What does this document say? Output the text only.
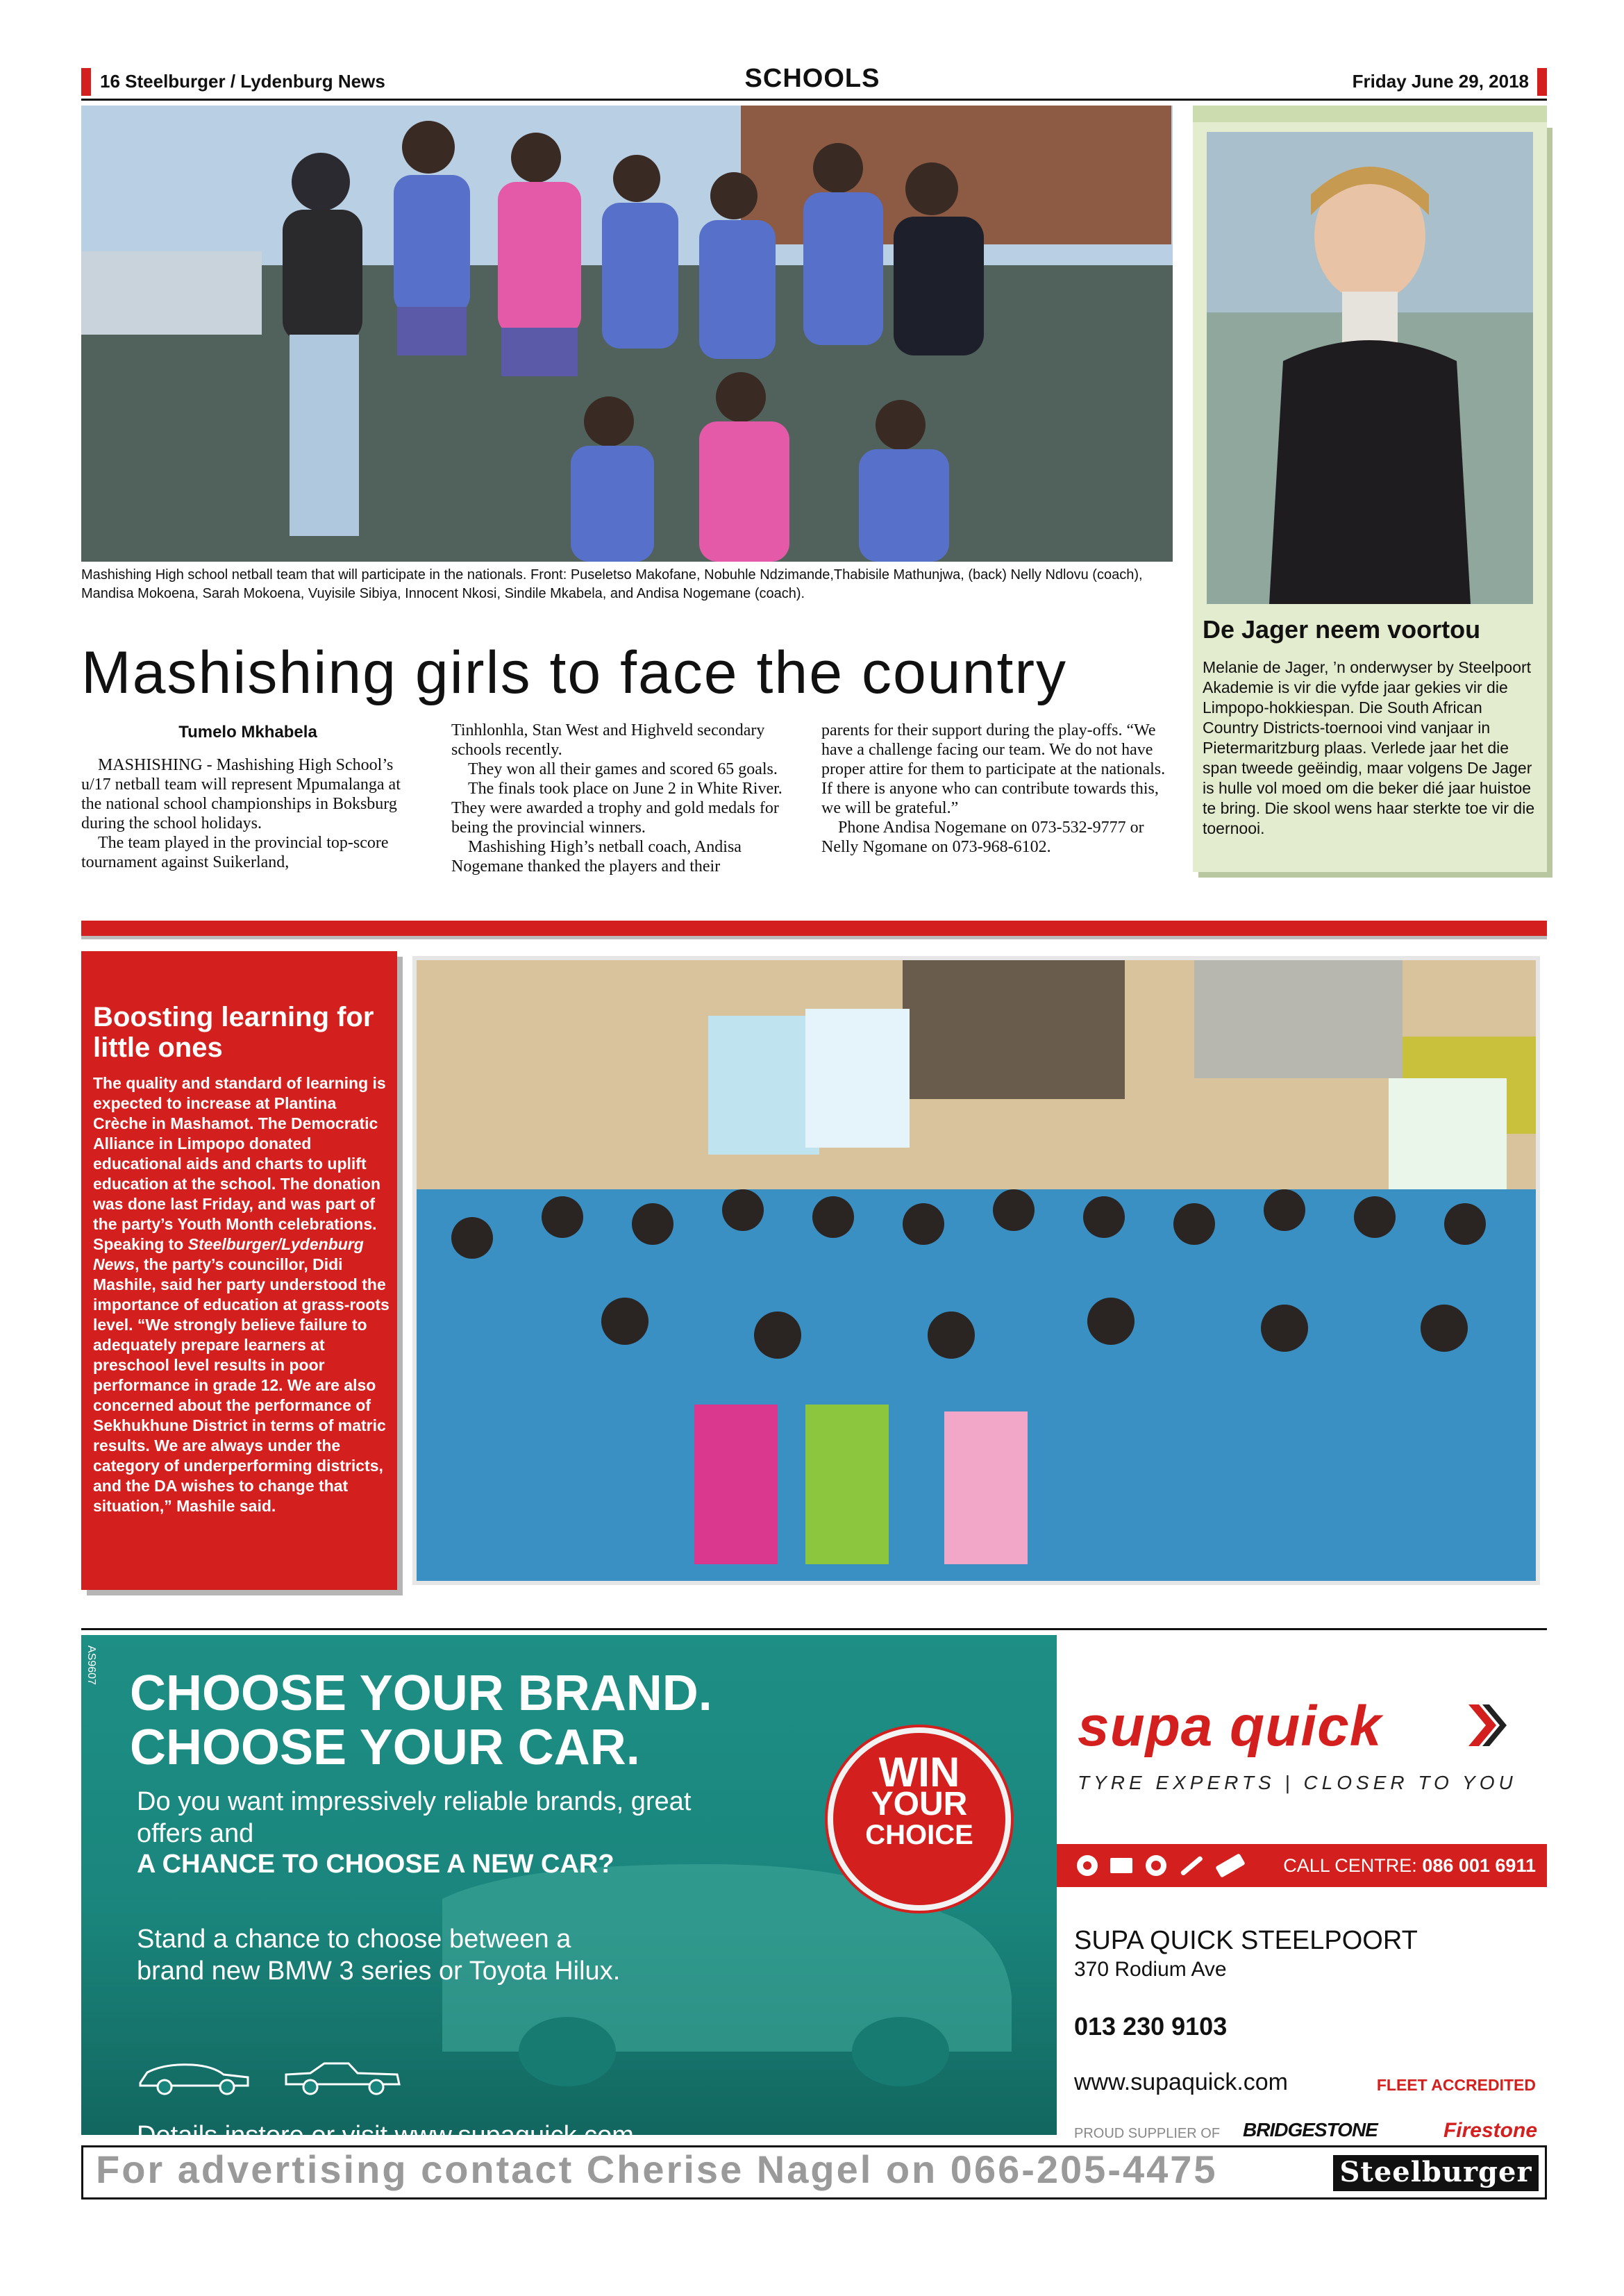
16 Steelburger / Lydenburg News	SCHOOLS	Friday June 29, 2018
Mashishing High school netball team that will participate in the nationals. Front: Puseletso Makofane, Nobuhle Ndzimande,Thabisile Mathunjwa, (back) Nelly Ndlovu (coach), Mandisa Mokoena, Sarah Mokoena, Vuyisile Sibiya, Innocent Nkosi, Sindile Mkabela, and Andisa Nogemane (coach).
Mashishing girls to face the country
Tumelo Mkhabela

MASHISHING - Mashishing High School’s u/17 netball team will represent Mpumalanga at the national school championships in Boksburg during the school holidays.

The team played in the provincial top-score tournament against Suikerland,

Tinhlonhla, Stan West and Highveld secondary schools recently.

They won all their games and scored 65 goals.

The finals took place on June 2 in White River. They were awarded a trophy and gold medals for being the provincial winners.

Mashishing High’s netball coach, Andisa Nogemane thanked the players and their

parents for their support during the play-offs. “We have a challenge facing our team. We do not have proper attire for them to participate at the nationals. If there is anyone who can contribute towards this, we will be grateful.”

Phone Andisa Nogemane on 073-532-9777 or Nelly Ngomane on 073-968-6102.

De Jager neem voortou
Melanie de Jager, ’n onderwyser by Steelpoort Akademie is vir die vyfde jaar gekies vir die Limpopo-hokkiespan. Die South African Country Districts-toernooi vind vanjaar in Pietermaritzburg plaas. Verlede jaar het die span tweede geëindig, maar volgens De Jager is hulle vol moed om die beker dié jaar huistoe te bring. Die skool wens haar sterkte toe vir die toernooi.
Boosting learning for little ones
The quality and standard of learning is expected to increase at Plantina Crèche in Mashamot. The Democratic Alliance in Limpopo donated educational aids and charts to uplift education at the school. The donation was done last Friday, and was part of the party’s Youth Month celebrations. Speaking to Steelburger/Lydenburg News, the party’s councillor, Didi Mashile, said her party understood the importance of education at grass-roots level. “We strongly believe failure to adequately prepare learners at preschool level results in poor performance in grade 12. We are also concerned about the performance of Sekhukhune District in terms of matric results. We are always under the category of underperforming districts, and the DA wishes to change that situation,” Mashile said.
AS9607
CHOOSE YOUR BRAND.
CHOOSE YOUR CAR.
Do you want impressively reliable brands, great offers and
A CHANCE TO CHOOSE A NEW CAR?
Stand a chance to choose between a brand new BMW 3 series or Toyota Hilux.
Details instore or visit www.supaquick.com	*T’s & C’s apply. E&OE.
WIN
YOUR
CHOICE
supa quick
TYRE EXPERTS | CLOSER TO YOU
CALL CENTRE: 086 001 6911
SUPA QUICK STEELPOORT
370 Rodium Ave
013 230 9103
www.supaquick.com	FLEET ACCREDITED
PROUD SUPPLIER OF	BRIDGESTONE	Firestone
For advertising contact Cherise Nagel on 066-205-4475	Steelburger
